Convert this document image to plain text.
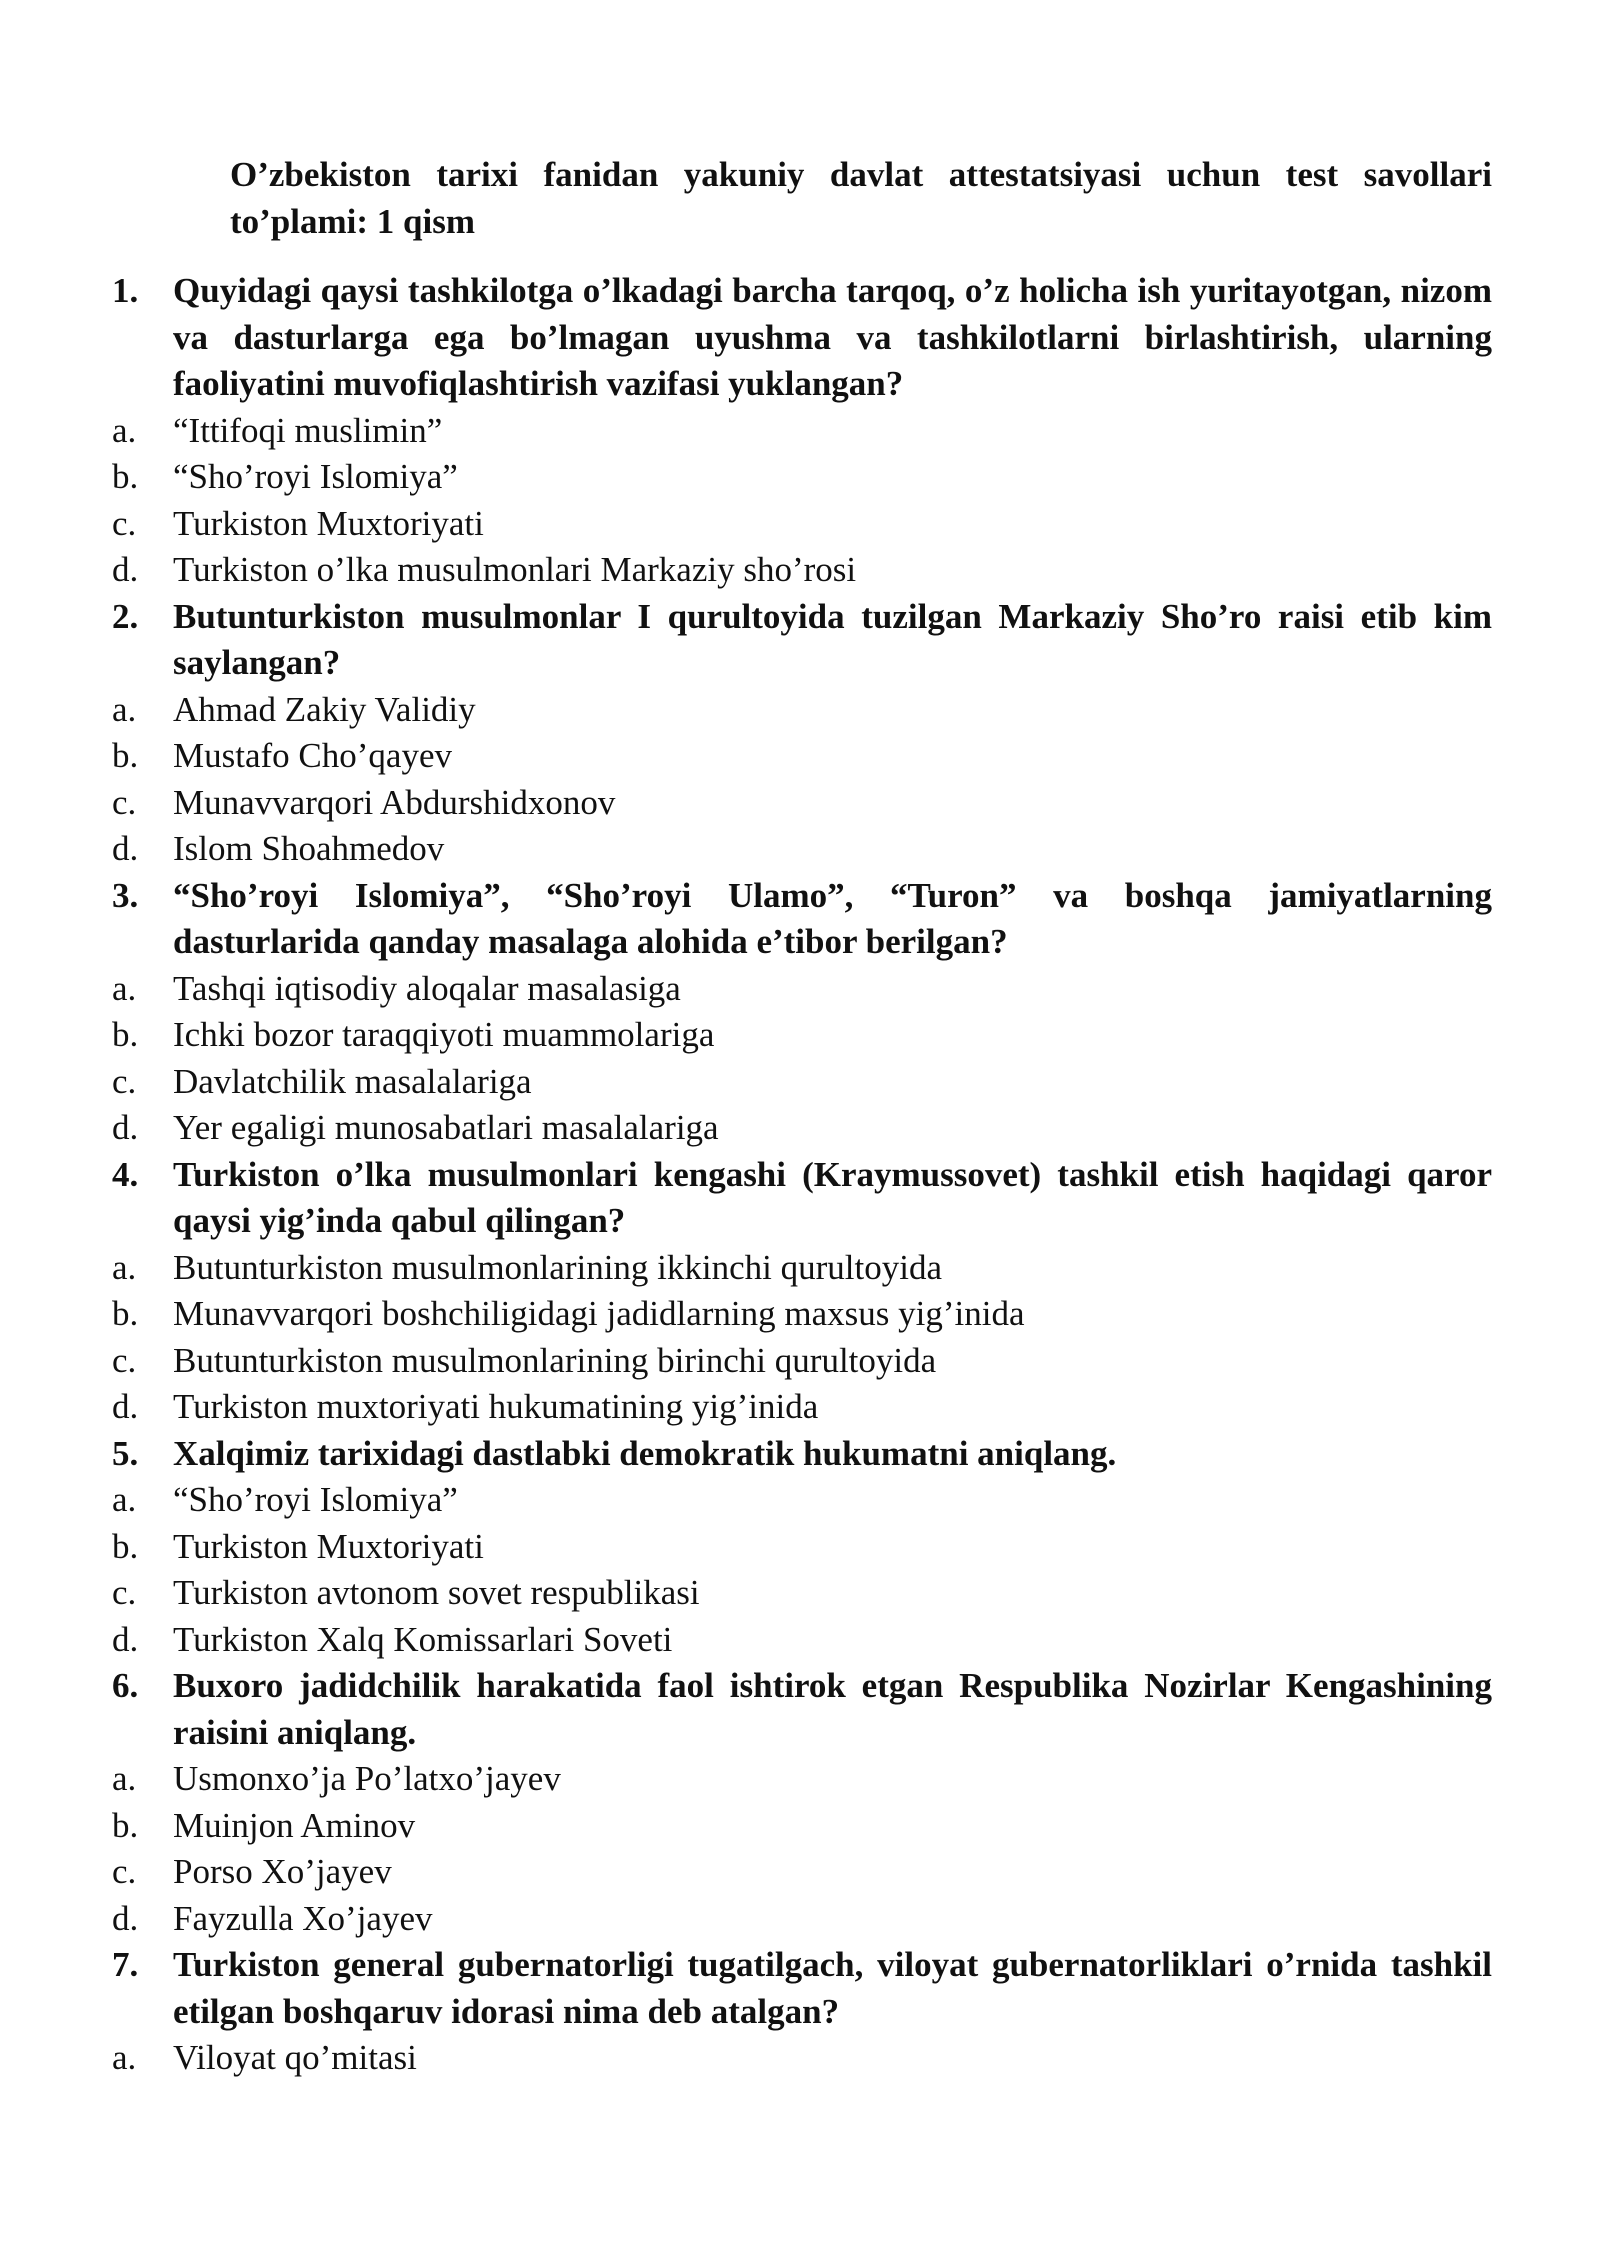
O’zbekiston tarixi fanidan yakuniy davlat attestatsiyasi uchun test savollari to’plami: 1 qism
1. Quyidagi qaysi tashkilotga o’lkadagi barcha tarqoq, o’z holicha ish yuritayotgan, nizom va dasturlarga ega bo’lmagan uyushma va tashkilotlarni birlashtirish, ularning faoliyatini muvofiqlashtirish vazifasi yuklangan?
a.	“Ittifoqi muslimin”
b. “Sho’royi Islomiya”
c.	Turkiston Muxtoriyati
d. Turkiston o’lka musulmonlari Markaziy sho’rosi
2. Butunturkiston musulmonlar I qurultoyida tuzilgan Markaziy Sho’ro raisi etib kim saylangan?
a.	Ahmad Zakiy Validiy
b. Mustafo Cho’qayev
c.	Munavvarqori Abdurshidxonov
d. Islom Shoahmedov
3. “Sho’royi Islomiya”, “Sho’royi Ulamo”, “Turon” va boshqa jamiyatlarning dasturlarida qanday masalaga alohida e’tibor berilgan?
a.	Tashqi iqtisodiy aloqalar masalasiga
b. Ichki bozor taraqqiyoti muammolariga
c.	Davlatchilik masalalariga
d. Yer egaligi munosabatlari masalalariga
4. Turkiston o’lka musulmonlari kengashi (Kraymussovet) tashkil etish haqidagi qaror qaysi yig’inda qabul qilingan?
a.	Butunturkiston musulmonlarining ikkinchi qurultoyida
b. Munavvarqori boshchiligidagi jadidlarning maxsus yig’inida
c.	Butunturkiston musulmonlarining birinchi qurultoyida
d. Turkiston muxtoriyati hukumatining yig’inida
5. Xalqimiz tarixidagi dastlabki demokratik hukumatni aniqlang.
a.	“Sho’royi Islomiya”
b. Turkiston Muxtoriyati
c.	Turkiston avtonom sovet respublikasi
d. Turkiston Xalq Komissarlari Soveti
6. Buxoro jadidchilik harakatida faol ishtirok etgan Respublika Nozirlar Kengashining raisini aniqlang.
a.	Usmonxo’ja Po’latxo’jayev
b. Muinjon Aminov
c.	Porso Xo’jayev
d. Fayzulla Xo’jayev
7. Turkiston general gubernatorligi tugatilgach, viloyat gubernatorliklari o’rnida tashkil etilgan boshqaruv idorasi nima deb atalgan?
a.	Viloyat qo’mitasi
